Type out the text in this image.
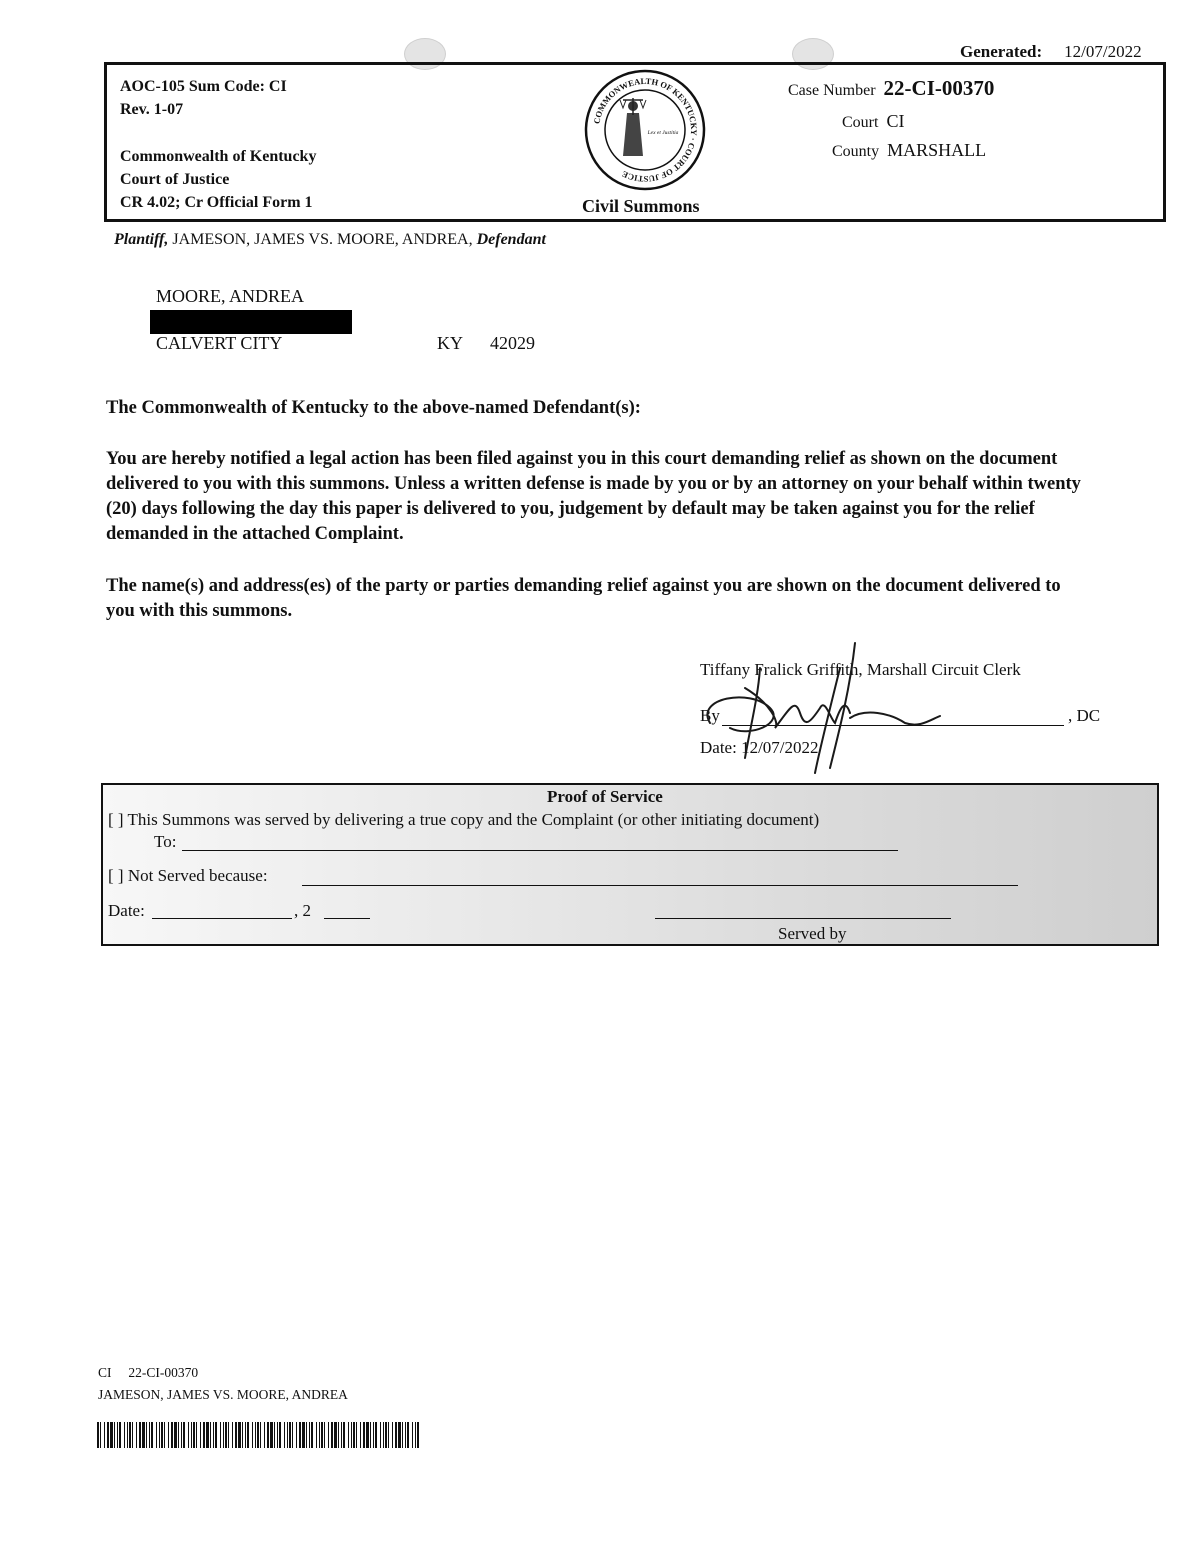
Generated: 12/07/2022
AOC-105 Sum Code: CI
Rev. 1-07
Commonwealth of Kentucky
Court of Justice
CR 4.02; Cr Official Form 1
COMMONWEALTH OF KENTUCKY · COURT OF JUSTICE
Lex et Justitia
Civil Summons
Case Number 22-CI-00370
Court CI
County MARSHALL
Plantiff, JAMESON, JAMES VS. MOORE, ANDREA, Defendant
MOORE, ANDREA
CALVERT CITY	KY 42029
The Commonwealth of Kentucky to the above-named Defendant(s):
You are hereby notified a legal action has been filed against you in this court demanding relief as shown on the document delivered to you with this summons. Unless a written defense is made by you or by an attorney on your behalf within twenty (20) days following the day this paper is delivered to you, judgement by default may be taken against you for the relief demanded in the attached Complaint.
The name(s) and address(es) of the party or parties demanding relief against you are shown on the document delivered to you with this summons.
Tiffany Fralick Griffith, Marshall Circuit Clerk
By	, DC
Date: 12/07/2022
Proof of Service
[ ] This Summons was served by delivering a true copy and the Complaint (or other initiating document)
To:
[ ] Not Served because:
Date:	, 2
Served by
CI 22-CI-00370
JAMESON, JAMES VS. MOORE, ANDREA
